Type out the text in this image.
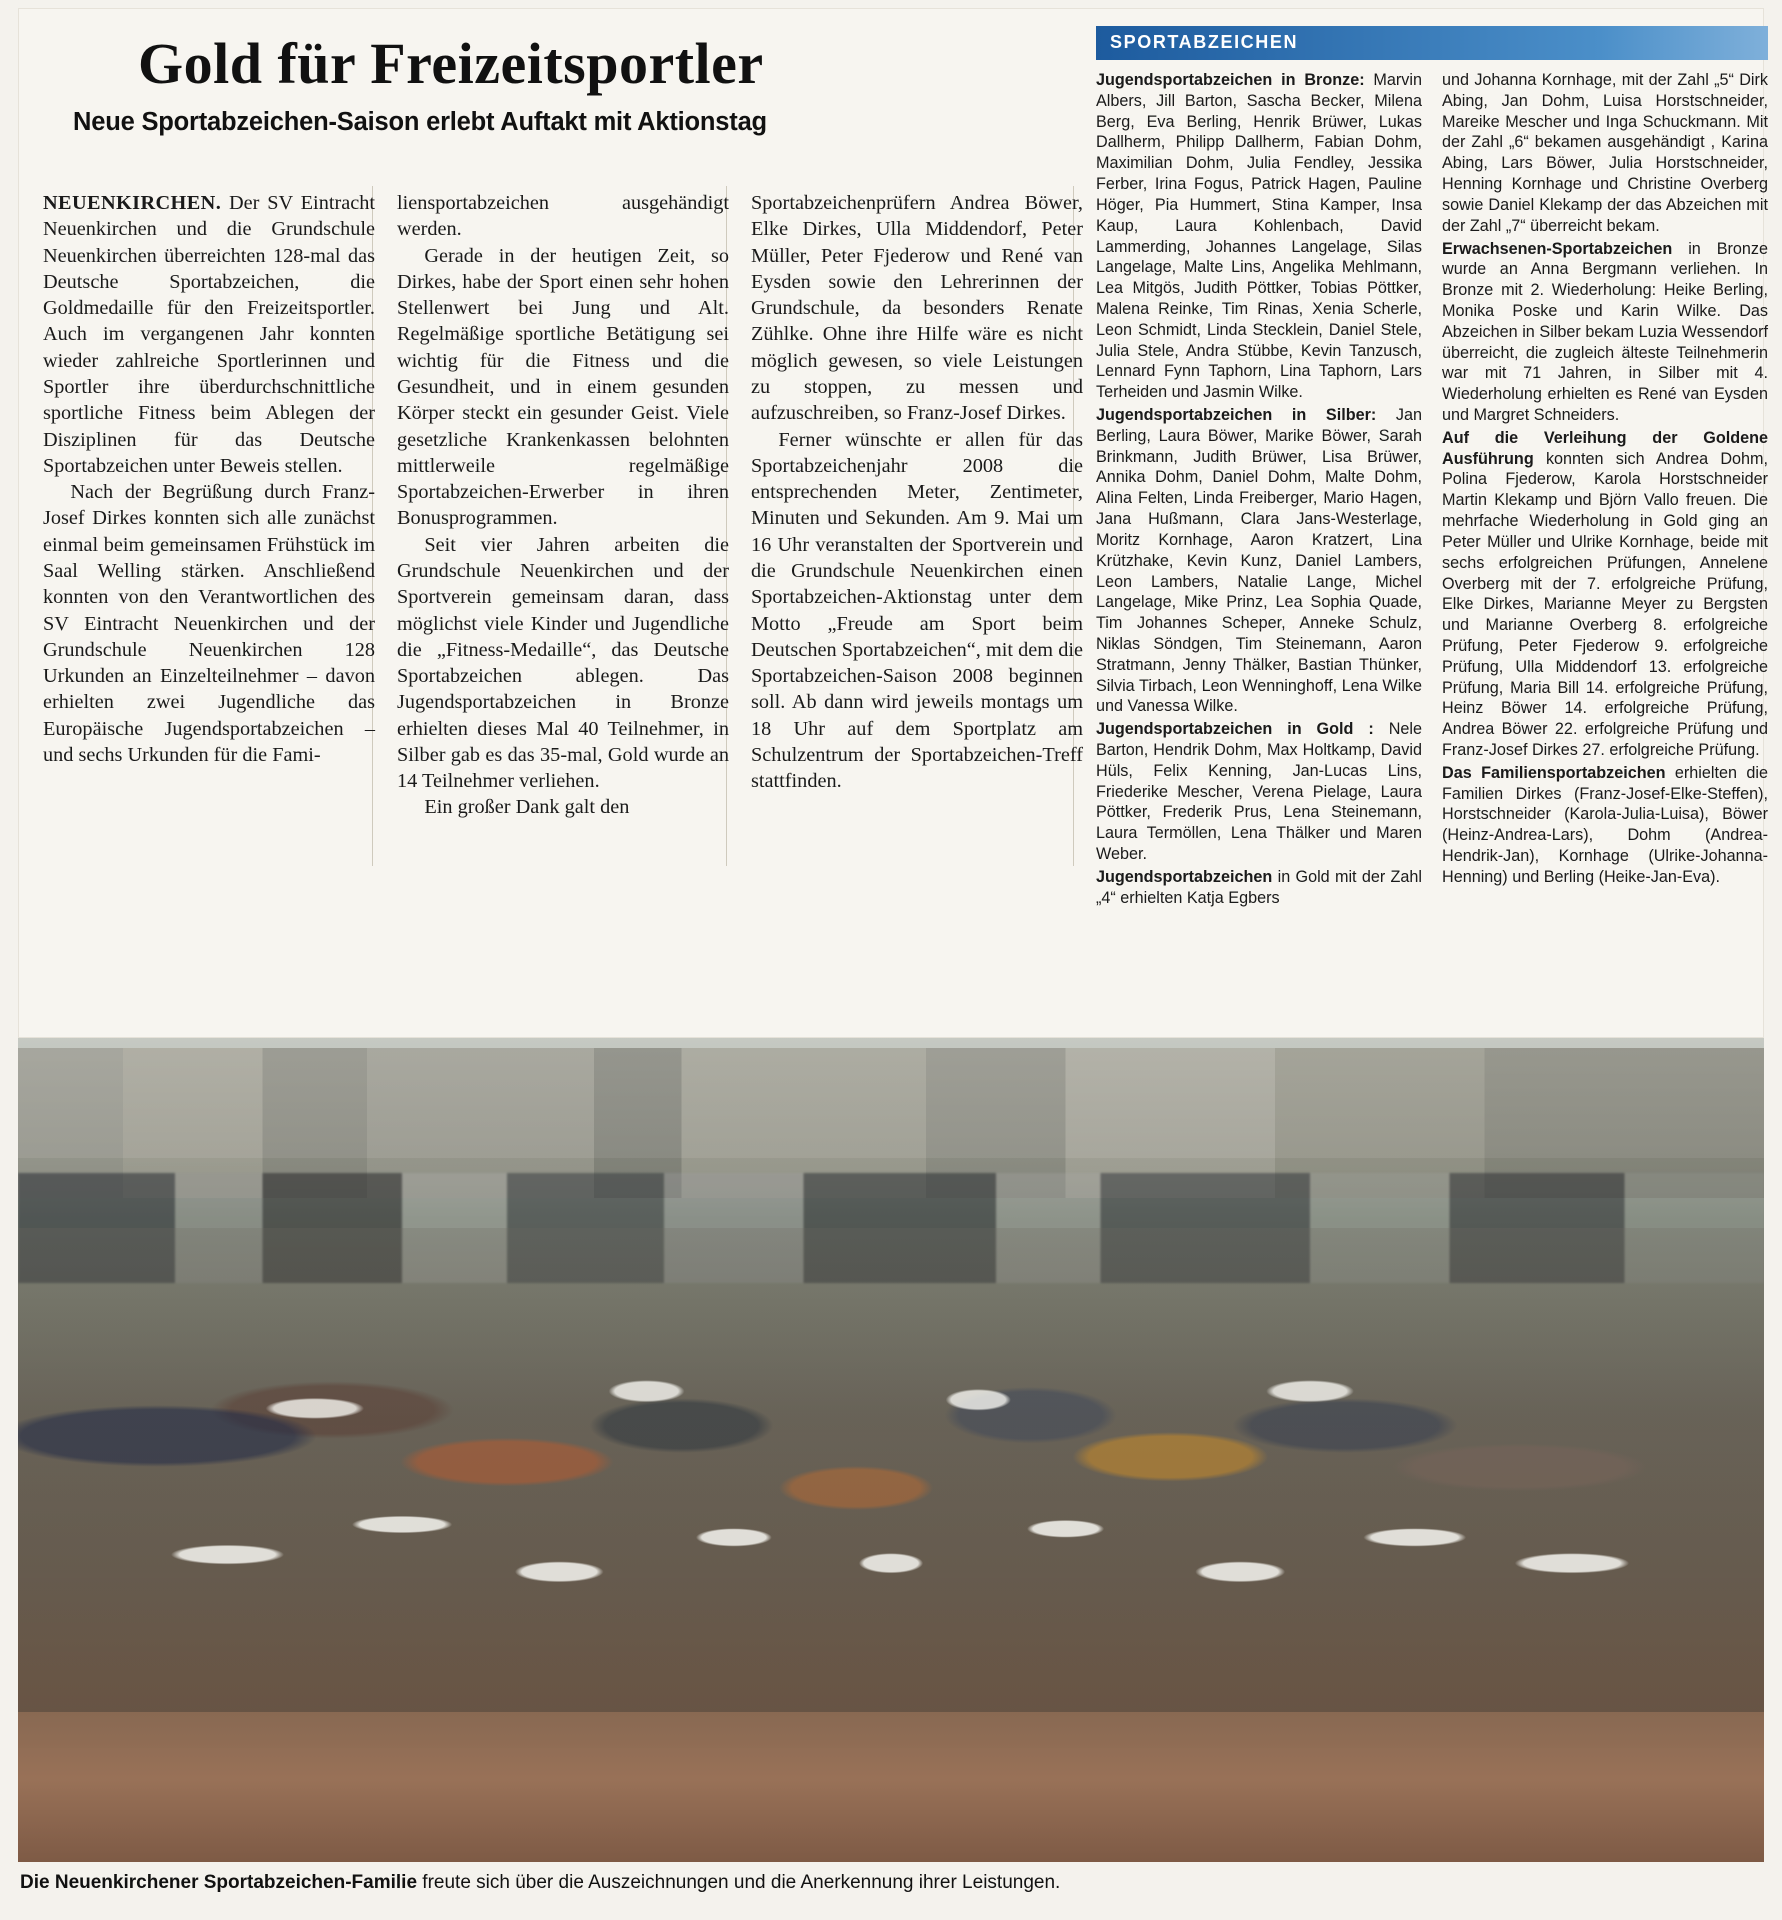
Gold für Freizeitsportler
Neue Sportabzeichen-Saison erlebt Auftakt mit Aktionstag

NEUENKIRCHEN. Der SV Eintracht Neuenkirchen und die Grundschule Neuenkirchen überreichten 128-mal das Deutsche Sportabzeichen, die Goldmedaille für den Freizeitsportler. Auch im vergangenen Jahr konnten wieder zahlreiche Sportlerinnen und Sportler ihre überdurchschnittliche sportliche Fitness beim Ablegen der Disziplinen für das Deutsche Sportabzeichen unter Beweis stellen.

Nach der Begrüßung durch Franz-Josef Dirkes konnten sich alle zunächst einmal beim gemeinsamen Frühstück im Saal Welling stärken. Anschließend konnten von den Verantwortlichen des SV Eintracht Neuenkirchen und der Grundschule Neuenkirchen 128 Urkunden an Einzelteilnehmer – davon erhielten zwei Jugendliche das Europäische Jugendsportabzeichen – und sechs Urkunden für die Fami-

liensportabzeichen ausgehändigt werden.

Gerade in der heutigen Zeit, so Dirkes, habe der Sport einen sehr hohen Stellenwert bei Jung und Alt. Regelmäßige sportliche Betätigung sei wichtig für die Fitness und die Gesundheit, und in einem gesunden Körper steckt ein gesunder Geist. Viele gesetzliche Krankenkassen belohnten mittlerweile regelmäßige Sportabzeichen-Erwerber in ihren Bonusprogrammen.

Seit vier Jahren arbeiten die Grundschule Neuenkirchen und der Sportverein gemeinsam daran, dass möglichst viele Kinder und Jugendliche die „Fitness-Medaille“, das Deutsche Sportabzeichen ablegen. Das Jugendsportabzeichen in Bronze erhielten dieses Mal 40 Teilnehmer, in Silber gab es das 35-mal, Gold wurde an 14 Teilnehmer verliehen.

Ein großer Dank galt den

Sportabzeichenprüfern Andrea Böwer, Elke Dirkes, Ulla Middendorf, Peter Müller, Peter Fjederow und René van Eysden sowie den Lehrerinnen der Grundschule, da besonders Renate Zühlke. Ohne ihre Hilfe wäre es nicht möglich gewesen, so viele Leistungen zu stoppen, zu messen und aufzuschreiben, so Franz-Josef Dirkes.

Ferner wünschte er allen für das Sportabzeichenjahr 2008 die entsprechenden Meter, Zentimeter, Minuten und Sekunden. Am 9. Mai um 16 Uhr veranstalten der Sportverein und die Grundschule Neuenkirchen einen Sportabzeichen-Aktionstag unter dem Motto „Freude am Sport beim Deutschen Sportabzeichen“, mit dem die Sportabzeichen-Saison 2008 beginnen soll. Ab dann wird jeweils montags um 18 Uhr auf dem Sportplatz am Schulzentrum der Sportabzeichen-Treff stattfinden.

SPORTABZEICHEN

Jugendsportabzeichen in Bronze: Marvin Albers, Jill Barton, Sascha Becker, Milena Berg, Eva Berling, Henrik Brüwer, Lukas Dallherm, Philipp Dallherm, Fabian Dohm, Maximilian Dohm, Julia Fendley, Jessika Ferber, Irina Fogus, Patrick Hagen, Pauline Höger, Pia Hummert, Stina Kamper, Insa Kaup, Laura Kohlenbach, David Lammerding, Johannes Langelage, Silas Langelage, Malte Lins, Angelika Mehlmann, Lea Mitgös, Judith Pöttker, Tobias Pöttker, Malena Reinke, Tim Rinas, Xenia Scherle, Leon Schmidt, Linda Stecklein, Daniel Stele, Julia Stele, Andra Stübbe, Kevin Tanzusch, Lennard Fynn Taphorn, Lina Taphorn, Lars Terheiden und Jasmin Wilke.

Jugendsportabzeichen in Silber: Jan Berling, Laura Böwer, Marike Böwer, Sarah Brinkmann, Judith Brüwer, Lisa Brüwer, Annika Dohm, Daniel Dohm, Malte Dohm, Alina Felten, Linda Freiberger, Mario Hagen, Jana Hußmann, Clara Jans-Westerlage, Moritz Kornhage, Aaron Kratzert, Lina Krützhake, Kevin Kunz, Daniel Lambers, Leon Lambers, Natalie Lange, Michel Langelage, Mike Prinz, Lea Sophia Quade, Tim Johannes Scheper, Anneke Schulz, Niklas Söndgen, Tim Steinemann, Aaron Stratmann, Jenny Thälker, Bastian Thünker, Silvia Tirbach, Leon Wenninghoff, Lena Wilke und Vanessa Wilke.

Jugendsportabzeichen in Gold : Nele Barton, Hendrik Dohm, Max Holtkamp, David Hüls, Felix Kenning, Jan-Lucas Lins, Friederike Mescher, Verena Pielage, Laura Pöttker, Frederik Prus, Lena Steinemann, Laura Termöllen, Lena Thälker und Maren Weber.

Jugendsportabzeichen in Gold mit der Zahl „4“ erhielten Katja Egbers

und Johanna Kornhage, mit der Zahl „5“ Dirk Abing, Jan Dohm, Luisa Horstschneider, Mareike Mescher und Inga Schuckmann. Mit der Zahl „6“ bekamen ausgehändigt , Karina Abing, Lars Böwer, Julia Horstschneider, Henning Kornhage und Christine Overberg sowie Daniel Klekamp der das Abzeichen mit der Zahl „7“ überreicht bekam.

Erwachsenen-Sportabzeichen in Bronze wurde an Anna Bergmann verliehen. In Bronze mit 2. Wiederholung: Heike Berling, Monika Poske und Karin Wilke. Das Abzeichen in Silber bekam Luzia Wessendorf überreicht, die zugleich älteste Teilnehmerin war mit 71 Jahren, in Silber mit 4. Wiederholung erhielten es René van Eysden und Margret Schneiders.

Auf die Verleihung der Goldene Ausführung konnten sich Andrea Dohm, Polina Fjederow, Karola Horstschneider Martin Klekamp und Björn Vallo freuen. Die mehrfache Wiederholung in Gold ging an Peter Müller und Ulrike Kornhage, beide mit sechs erfolgreichen Prüfungen, Annelene Overberg mit der 7. erfolgreiche Prüfung, Elke Dirkes, Marianne Meyer zu Bergsten und Marianne Overberg 8. erfolgreiche Prüfung, Peter Fjederow 9. erfolgreiche Prüfung, Ulla Middendorf 13. erfolgreiche Prüfung, Maria Bill 14. erfolgreiche Prüfung, Heinz Böwer 14. erfolgreiche Prüfung, Andrea Böwer 22. erfolgreiche Prüfung und Franz-Josef Dirkes 27. erfolgreiche Prüfung.

Das Familiensportabzeichen erhielten die Familien Dirkes (Franz-Josef-Elke-Steffen), Horstschneider (Karola-Julia-Luisa), Böwer (Heinz-Andrea-Lars), Dohm (Andrea-Hendrik-Jan), Kornhage (Ulrike-Johanna-Henning) und Berling (Heike-Jan-Eva).

Die Neuenkirchener Sportabzeichen-Familie freute sich über die Auszeichnungen und die Anerkennung ihrer Leistungen.
